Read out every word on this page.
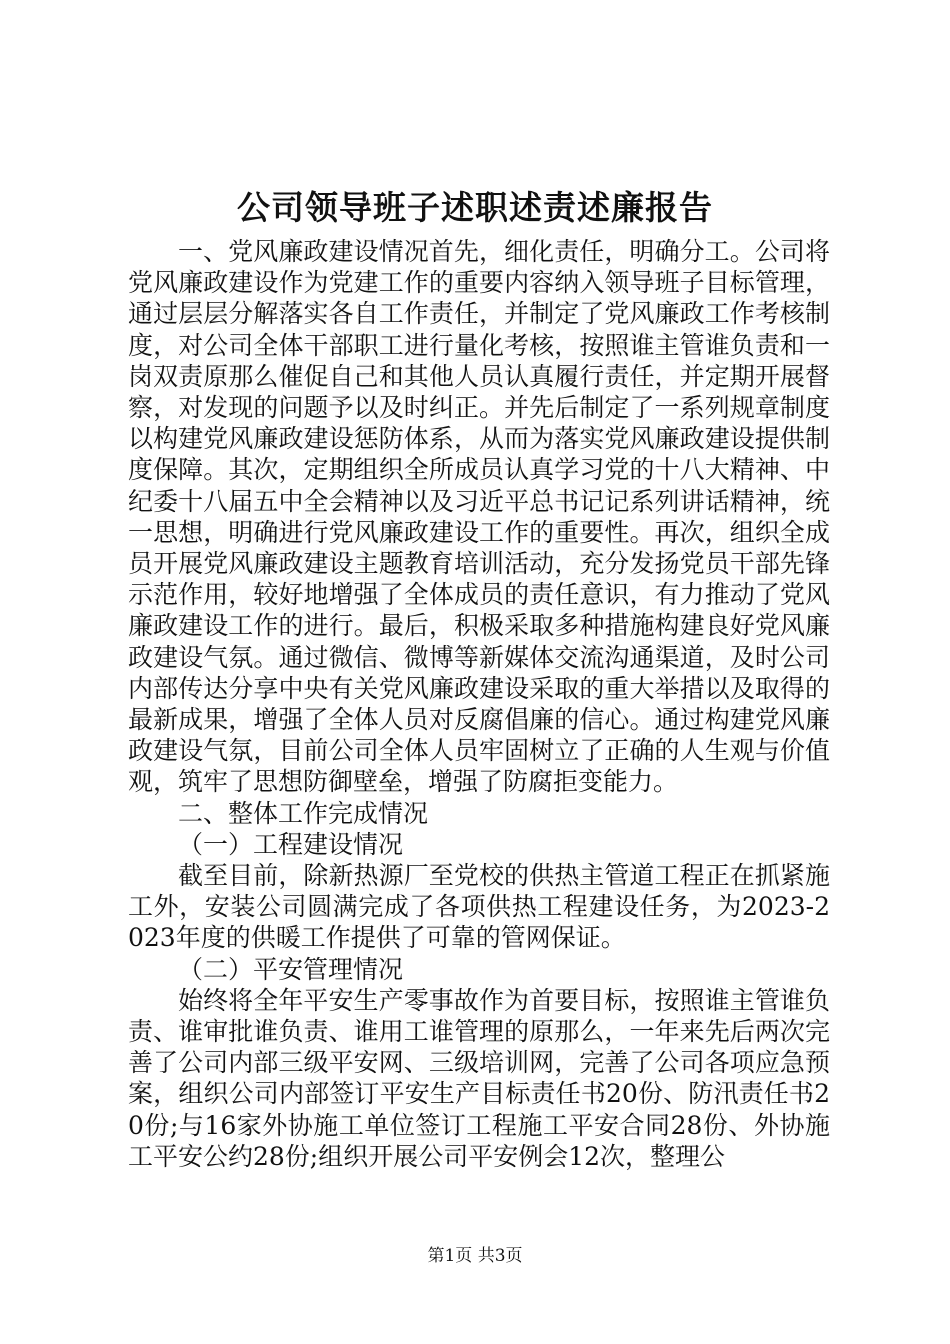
公司领导班子述职述责述廉报告

一、党风廉政建设情况首先，细化责任，明确分工。公司将党风廉政建设作为党建工作的重要内容纳入领导班子目标管理，通过层层分解落实各自工作责任，并制定了党风廉政工作考核制度，对公司全体干部职工进行量化考核，按照谁主管谁负责和一岗双责原那么催促自己和其他人员认真履行责任，并定期开展督察，对发现的问题予以及时纠正。并先后制定了一系列规章制度以构建党风廉政建设惩防体系，从而为落实党风廉政建设提供制度保障。其次，定期组织全所成员认真学习党的十八大精神、中纪委十八届五中全会精神以及习近平总书记记系列讲话精神，统一思想，明确进行党风廉政建设工作的重要性。再次，组织全成员开展党风廉政建设主题教育培训活动，充分发扬党员干部先锋示范作用，较好地增强了全体成员的责任意识，有力推动了党风廉政建设工作的进行。最后，积极采取多种措施构建良好党风廉政建设气氛。通过微信、微博等新媒体交流沟通渠道，及时公司内部传达分享中央有关党风廉政建设采取的重大举措以及取得的最新成果，增强了全体人员对反腐倡廉的信心。通过构建党风廉政建设气氛，目前公司全体人员牢固树立了正确的人生观与价值观，筑牢了思想防御壁垒，增强了防腐拒变能力。

二、整体工作完成情况

（一）工程建设情况

截至目前，除新热源厂至党校的供热主管道工程正在抓紧施工外，安装公司圆满完成了各项供热工程建设任务，为2023-2023年度的供暖工作提供了可靠的管网保证。

（二）平安管理情况

始终将全年平安生产零事故作为首要目标，按照谁主管谁负责、谁审批谁负责、谁用工谁管理的原那么，一年来先后两次完善了公司内部三级平安网、三级培训网，完善了公司各项应急预案，组织公司内部签订平安生产目标责任书20份、防汛责任书20份;与16家外协施工单位签订工程施工平安合同28份、外协施工平安公约28份;组织开展公司平安例会12次，整理公

第1页 共3页
